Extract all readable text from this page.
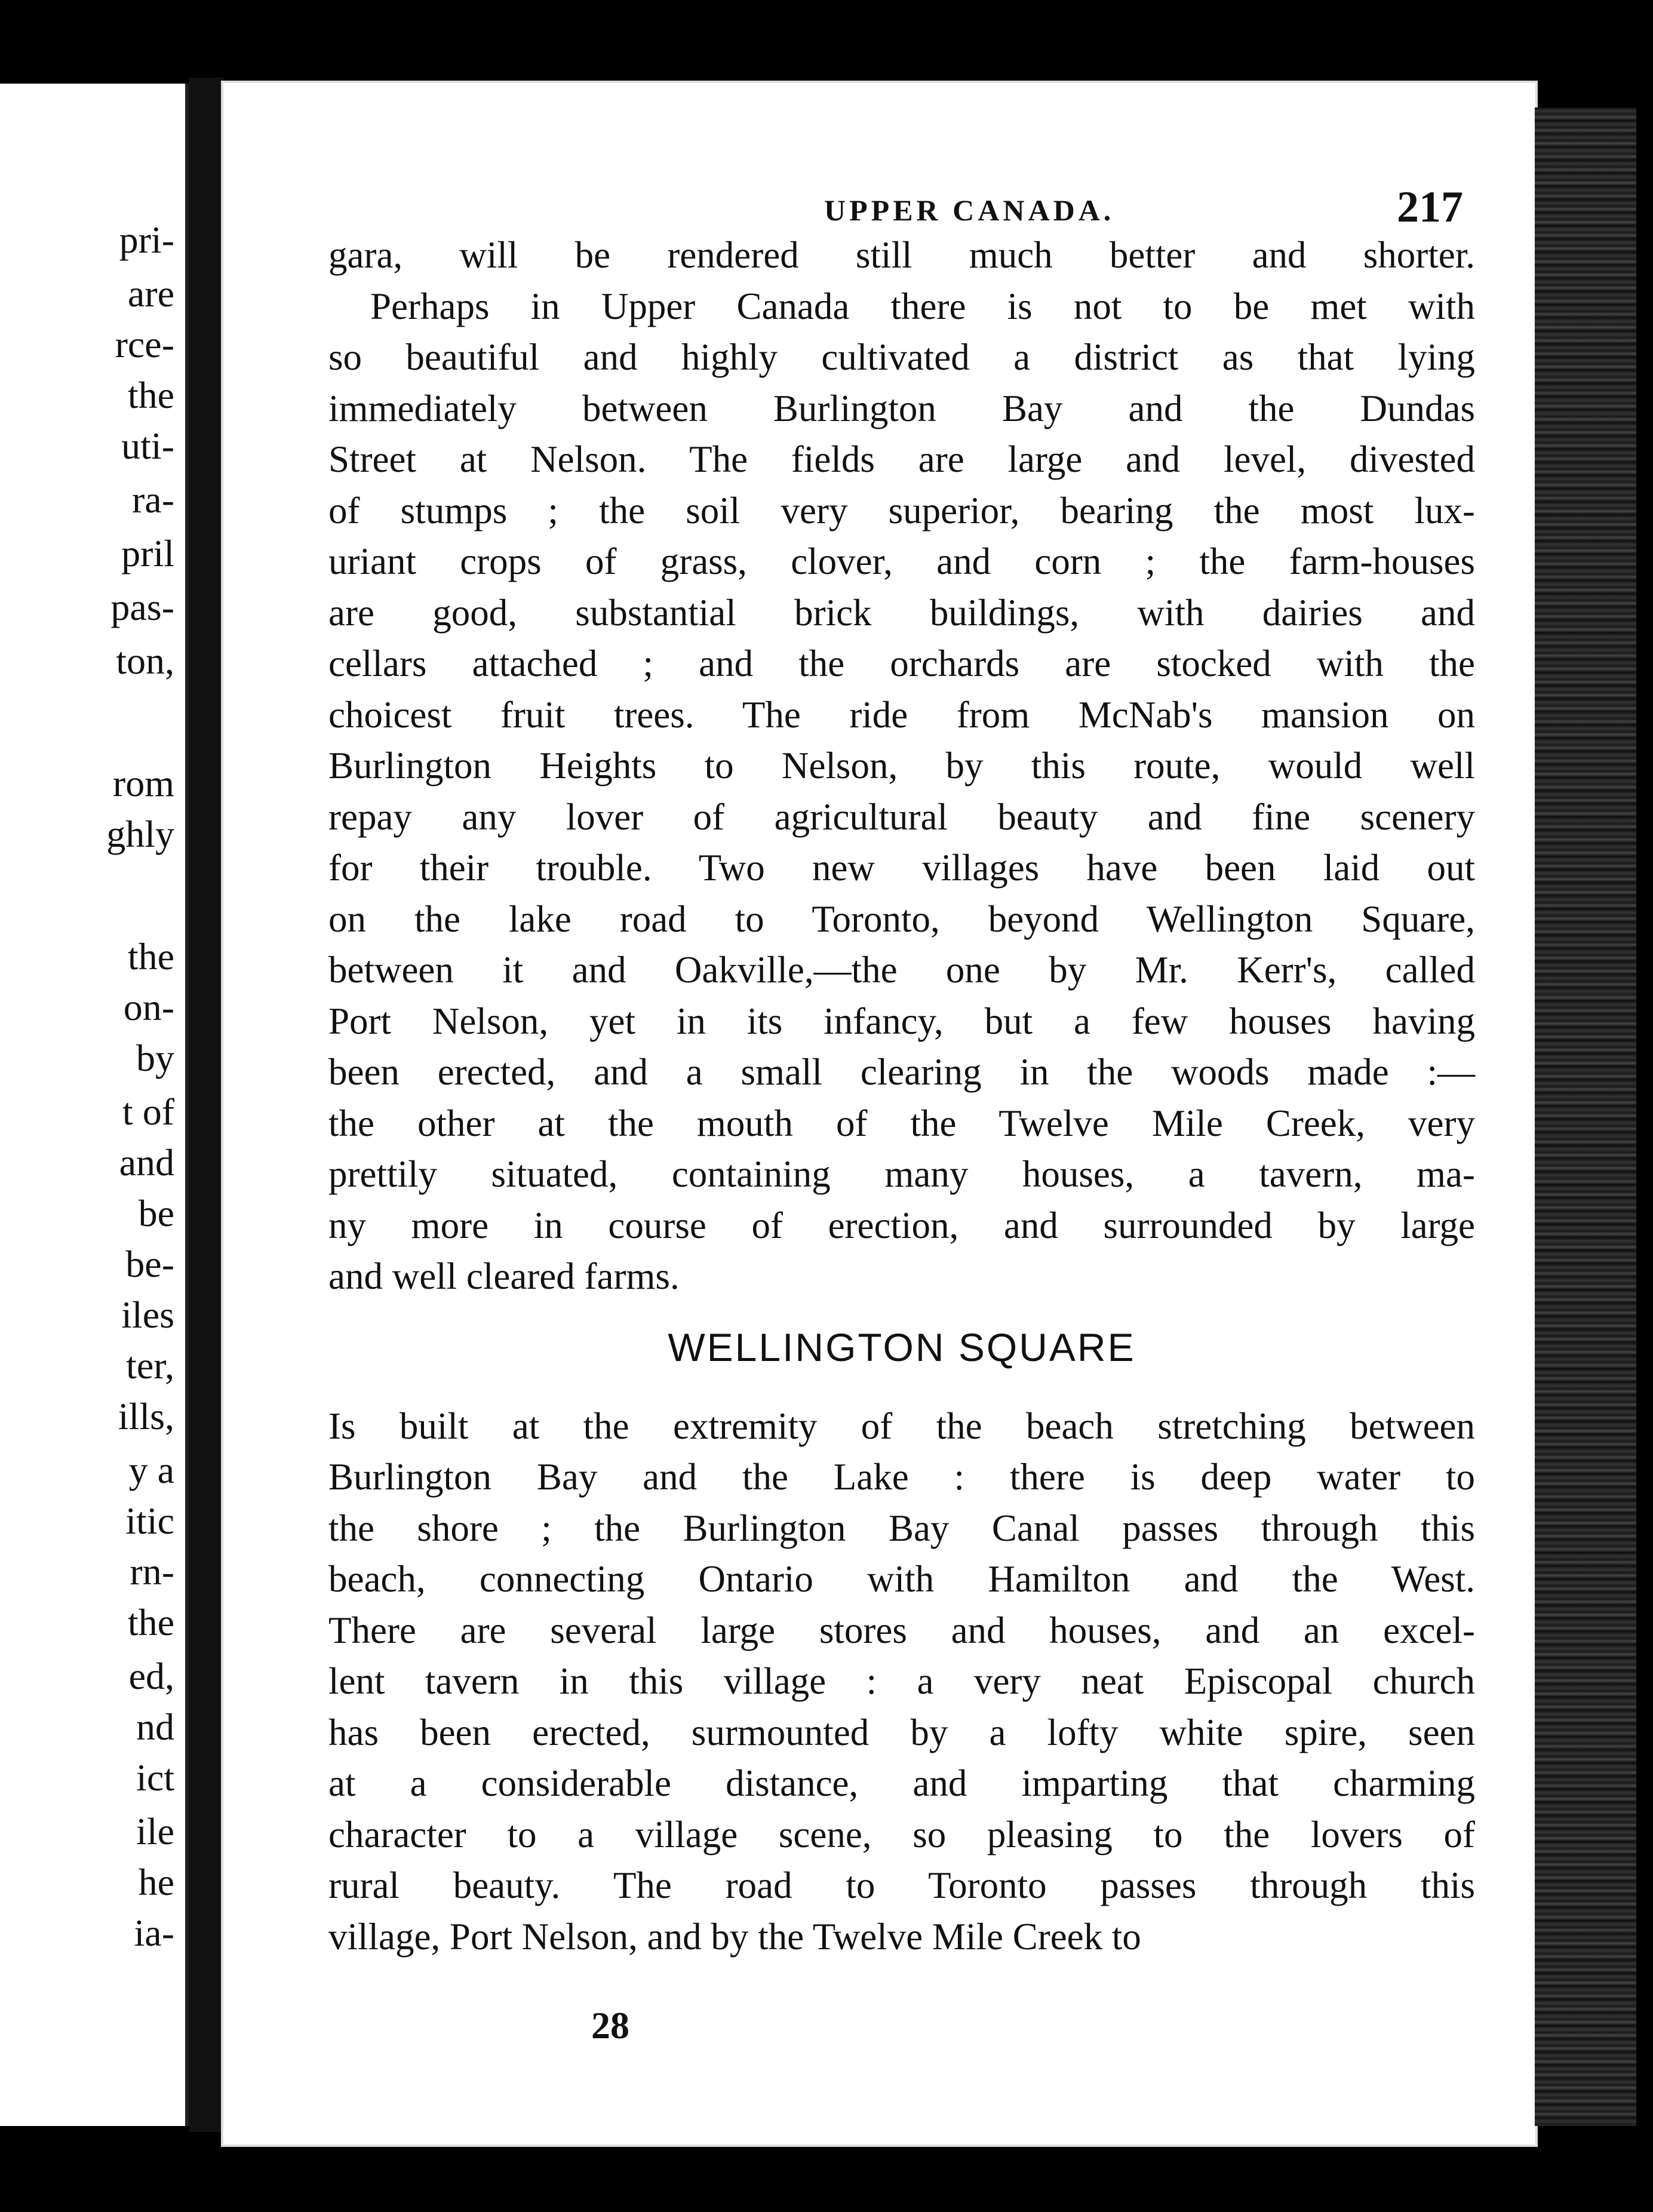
pri-
are
rce-
the
uti-
ra-
pril
pas-
ton,
rom
ghly
the
on-
by
t of
and
be
be-
iles
ter,
ills,
y a
itic
rn-
the
ed,
nd
ict
ile
he
ia-
UPPER CANADA.	217
gara, will be rendered still much better and shorter.
Perhaps in Upper Canada there is not to be met with
so beautiful and highly cultivated a district as that lying
immediately between Burlington Bay and the Dundas
Street at Nelson. The fields are large and level, divested
of stumps ; the soil very superior, bearing the most lux-
uriant crops of grass, clover, and corn ; the farm-houses
are good, substantial brick buildings, with dairies and
cellars attached ; and the orchards are stocked with the
choicest fruit trees. The ride from McNab's mansion on
Burlington Heights to Nelson, by this route, would well
repay any lover of agricultural beauty and fine scenery
for their trouble. Two new villages have been laid out
on the lake road to Toronto, beyond Wellington Square,
between it and Oakville,—the one by Mr. Kerr's, called
Port Nelson, yet in its infancy, but a few houses having
been erected, and a small clearing in the woods made :—
the other at the mouth of the Twelve Mile Creek, very
prettily situated, containing many houses, a tavern, ma-
ny more in course of erection, and surrounded by large
and well cleared farms.
WELLINGTON SQUARE
Is built at the extremity of the beach stretching between
Burlington Bay and the Lake : there is deep water to
the shore ; the Burlington Bay Canal passes through this
beach, connecting Ontario with Hamilton and the West.
There are several large stores and houses, and an excel-
lent tavern in this village : a very neat Episcopal church
has been erected, surmounted by a lofty white spire, seen
at a considerable distance, and imparting that charming
character to a village scene, so pleasing to the lovers of
rural beauty. The road to Toronto passes through this
village, Port Nelson, and by the Twelve Mile Creek to
28
